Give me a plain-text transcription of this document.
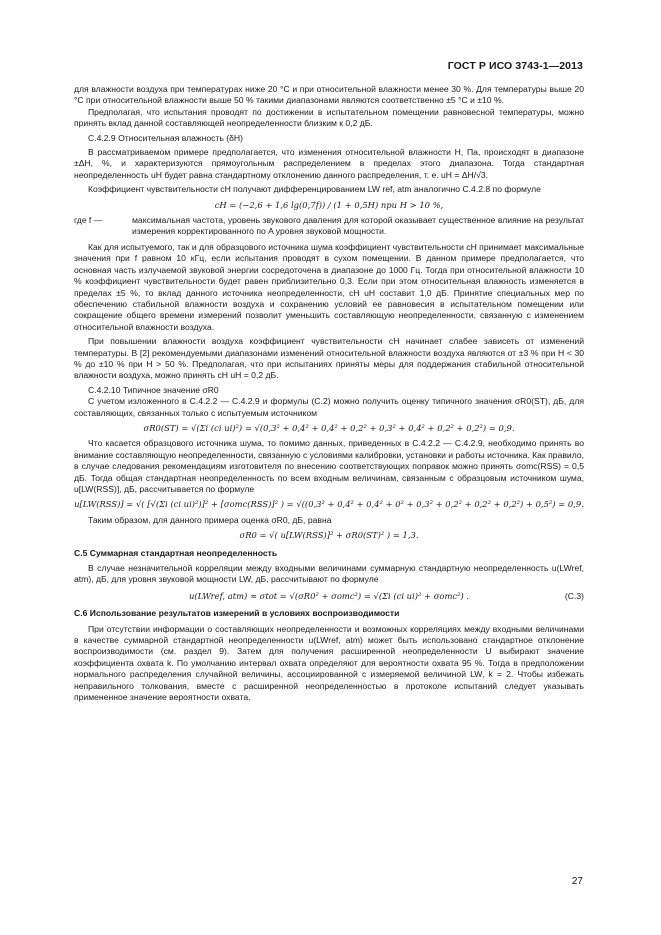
ГОСТ Р ИСО 3743-1—2013

для влажности воздуха при температурах ниже 20 °C и при относительной влажности менее 30 %. Для температуры выше 20 °C при относительной влажности выше 50 % такими диапазонами являются соответственно ±5 °C и ±10 %.

Предполагая, что испытания проводят по достижении в испытательном помещении равновесной температуры, можно принять вклад данной составляющей неопределенности близким к 0,2 дБ.

C.4.2.9 Относительная влажность (δH)

В рассматриваемом примере предполагается, что изменения относительной влажности H, Па, происходят в диапазоне ±ΔH, %, и характеризуются прямоугольным распределением в пределах этого диапазона. Тогда стандартная неопределенность uH будет равна стандартному отклонению данного распределения, т. е. uH = ΔH/√3.

Коэффициент чувствительности cH получают дифференцированием LW ref, atm аналогично C.4.2.8 по формуле

cH = (−2,6 + 1,6 lg(0,7f)) / (1 + 0,5H) при H > 10 %,
где f —	максимальная частота, уровень звукового давления для которой оказывает существенное влияние на результат измерения корректированного по A уровня звуковой мощности.

Как для испытуемого, так и для образцового источника шума коэффициент чувствительности cH принимает максимальные значения при f равном 10 кГц, если испытания проводят в сухом помещении. В данном примере предполагается, что основная часть излучаемой звуковой энергии сосредоточена в диапазоне до 1000 Гц. Тогда при относительной влажности 10 % коэффициент чувствительности будет равен приблизительно 0,3. Если при этом относительная влажность изменяется в пределах ±5 %, то вклад данного источника неопределенности, cH uH составит 1,0 дБ. Принятие специальных мер по обеспечению стабильной влажности воздуха и сохранению условий ее равновесия в испытательном помещении или сокращение общего времени измерений позволит уменьшить составляющую неопределенности, связанную с изменением относительной влажности воздуха.

При повышении влажности воздуха коэффициент чувствительности cH начинает слабее зависеть от изменений температуры. В [2] рекомендуемыми диапазонами изменений относительной влажности воздуха являются от ±3 % при H < 30 % до ±10 % при H > 50 %. Предполагая, что при испытаниях приняты меры для поддержания стабильной относительной влажности воздуха, можно принять cH uH = 0,2 дБ.

C.4.2.10 Типичное значение σR0

С учетом изложенного в C.4.2.2 — C.4.2.9 и формулы (C.2) можно получить оценку типичного значения σR0(ST), дБ, для составляющих, связанных только с испытуемым источником

σR0(ST) = √(Σi (ci ui)²) = √(0,3² + 0,4² + 0,4² + 0,2² + 0,3² + 0,4² + 0,2² + 0,2²) = 0,9.

Что касается образцового источника шума, то помимо данных, приведенных в C.4.2.2 — C.4.2.9, необходимо принять во внимание составляющую неопределенности, связанную с условиями калибровки, установки и работы источника. Как правило, в случае следования рекомендациям изготовителя по внесению соответствующих поправок можно принять σomc(RSS) = 0,5 дБ. Тогда общая стандартная неопределенность по всем входным величинам, связанным с образцовым источником шума, u[LW(RSS)], дБ, рассчитывается по формуле

u[LW(RSS)] = √( [√(Σi (ci ui)²)]² + [σomc(RSS)]² ) = √((0,3² + 0,4² + 0,4² + 0² + 0,3² + 0,2² + 0,2² + 0,2²) + 0,5²) = 0,9.

Таким образом, для данного примера оценка σR0, дБ, равна

σR0 = √( u[LW(RSS)]² + σR0(ST)² ) = 1,3.
C.5 Суммарная стандартная неопределенность

В случае незначительной корреляции между входными величинами суммарную стандартную неопределенность u(LWref, atm), дБ, для уровня звуковой мощности LW, дБ, рассчитывают по формуле

u(LWref, atm) ≈ σtot = √(σR0² + σomc²) = √(Σi (ci ui)² + σomc²) .	(C.3)
C.6 Использование результатов измерений в условиях воспроизводимости

При отсутствии информации о составляющих неопределенности и возможных корреляциях между входными величинами в качестве суммарной стандартной неопределенности u(LWref, atm) может быть использовано стандартное отклонение воспроизводимости (см. раздел 9). Затем для получения расширенной неопределенности U выбирают значение коэффициента охвата k. По умолчанию интервал охвата определяют для вероятности охвата 95 %. Тогда в предположении нормального распределения случайной величины, ассоциированной с измеряемой величиной LW, k = 2. Чтобы избежать неправильного толкования, вместе с расширенной неопределенностью в протоколе испытаний следует указывать примененное значение вероятности охвата.

27
